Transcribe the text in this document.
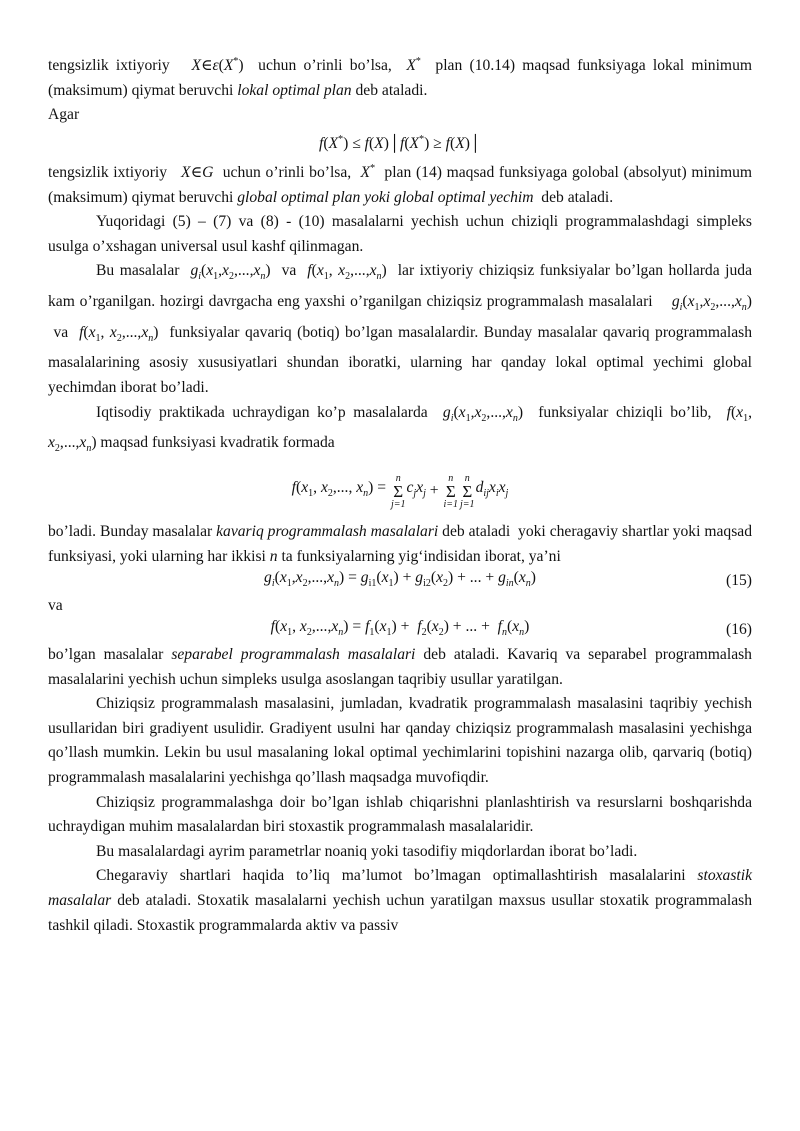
tengsizlik ixtiyoriy   X∈ε(X*)  uchun o’rinli bo’lsa,  X*  plan (10.14) maqsad funksiyaga lokal minimum (maksimum) qiymat beruvchi lokal optimal plan deb ataladi.

Agar

f(X*) ≤ f(X)│f(X*) ≥ f(X)│

tengsizlik ixtiyoriy   X∈G  uchun o’rinli bo’lsa,  X*  plan (14) maqsad funksiyaga golobal (absolyut) minimum (maksimum) qiymat beruvchi global optimal plan yoki global optimal yechim  deb ataladi.

Yuqoridagi (5) – (7) va (8) - (10) masalalarni yechish uchun chiziqli programmalashdagi simpleks usulga o’xshagan universal usul kashf qilinmagan.

Bu masalalar  $g_i(x_1,x_2,...,x_n)$  va  $f(x_1$, $x_2,...,x_n$)  lar ixtiyoriy chiziqsiz funksiyalar bo’lgan hollarda juda kam o’rganilgan. hozirgi davrgacha eng yaxshi o’rganilgan chiziqsiz programmalash masalalari    $g_i(x_1,x_2,...,x_n)$  va  $f(x_1$, $x_2,...,x_n$)  funksiyalar qavariq (botiq) bo’lgan masalalardir. Bunday masalalar qavariq programmalash masalalarining asosiy xususiyatlari shundan iboratki, ularning har qanday lokal optimal yechimi global yechimdan iborat bo’ladi.

Iqtisodiy praktikada uchraydigan ko’p masalalarda  $g_i(x_1,x_2,...,x_n)$  funksiyalar chiziqli bo’lib,  $f(x_1$, $x_2,...,x_n$) maqsad funksiyasi kvadratik formada

$f(x_1$, $x_2$,..., $x_n$) =
n
Σ
j=1
$c_jx_j$ +
n
Σ
i=1
n
Σ
j=1
$d_{ij}x_ix_j$

bo’ladi. Bunday masalalar kavariq programmalash masalalari deb ataladi  yoki cheragaviy shartlar yoki maqsad funksiyasi, yoki ularning har ikkisi n ta funksiyalarning yig‘indisidan iborat, ya’ni

$g_i(x_1,x_2,...,x_n) = g_{i1}(x_1) + g_{i2}(x_2)$ + ... + $g_{in}(x_n)$	(15)

va

$f(x_1$, $x_2,...,x_n) = f_1(x_1) + f_2(x_2)$ + ... +  $f_n(x_n)$	(16)

bo’lgan masalalar separabel programmalash masalalari deb ataladi. Kavariq va separabel programmalash masalalarini yechish uchun simpleks usulga asoslangan taqribiy usullar yaratilgan.

Chiziqsiz programmalash masalasini, jumladan, kvadratik programmalash masalasini taqribiy yechish usullaridan biri gradiyent usulidir. Gradiyent usulni har qanday chiziqsiz programmalash masalasini yechishga qo’llash mumkin. Lekin bu usul masalaning lokal optimal yechimlarini topishini nazarga olib, qarvariq (botiq) programmalash masalalarini yechishga qo’llash maqsadga muvofiqdir.

Chiziqsiz programmalashga doir bo’lgan ishlab chiqarishni planlashtirish va resurslarni boshqarishda uchraydigan muhim masalalardan biri stoxastik programmalash masalalaridir.

Bu masalalardagi ayrim parametrlar noaniq yoki tasodifiy miqdorlardan iborat bo’ladi.

Chegaraviy shartlari haqida to’liq ma’lumot bo’lmagan optimallashtirish masalalarini stoxastik masalalar deb ataladi. Stoxatik masalalarni yechish uchun yaratilgan maxsus usullar stoxatik programmalash tashkil qiladi. Stoxastik programmalarda aktiv va passiv
